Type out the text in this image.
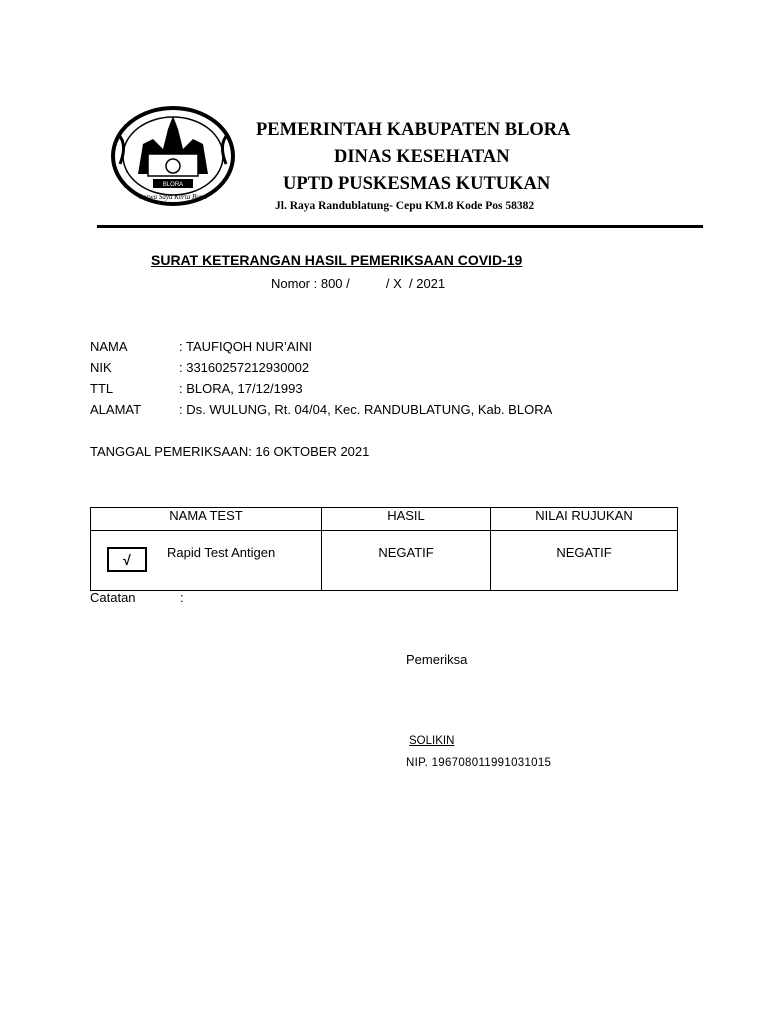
BLORA
Sarwa Saya Kerta Bumi
PEMERINTAH KABUPATEN BLORA
DINAS KESEHATAN
UPTD PUSKESMAS KUTUKAN
Jl. Raya Randublatung- Cepu KM.8 Kode Pos 58382
SURAT KETERANGAN HASIL PEMERIKSAAN COVID-19
Nomor : 800 /          / X  / 2021
NAMA	: TAUFIQOH NUR’AINI
NIK	: 33160257212930002
TTL	: BLORA, 17/12/1993
ALAMAT	: Ds. WULUNG, Rt. 04/04, Kec. RANDUBLATUNG, Kab. BLORA
TANGGAL PEMERIKSAAN: 16 OKTOBER 2021
NAMA TEST	HASIL	NILAI RUJUKAN

√ Rapid Test Antigen	NEGATIF	NEGATIF
Catatan	:
Pemeriksa
SOLIKIN
NIP. 196708011991031015
